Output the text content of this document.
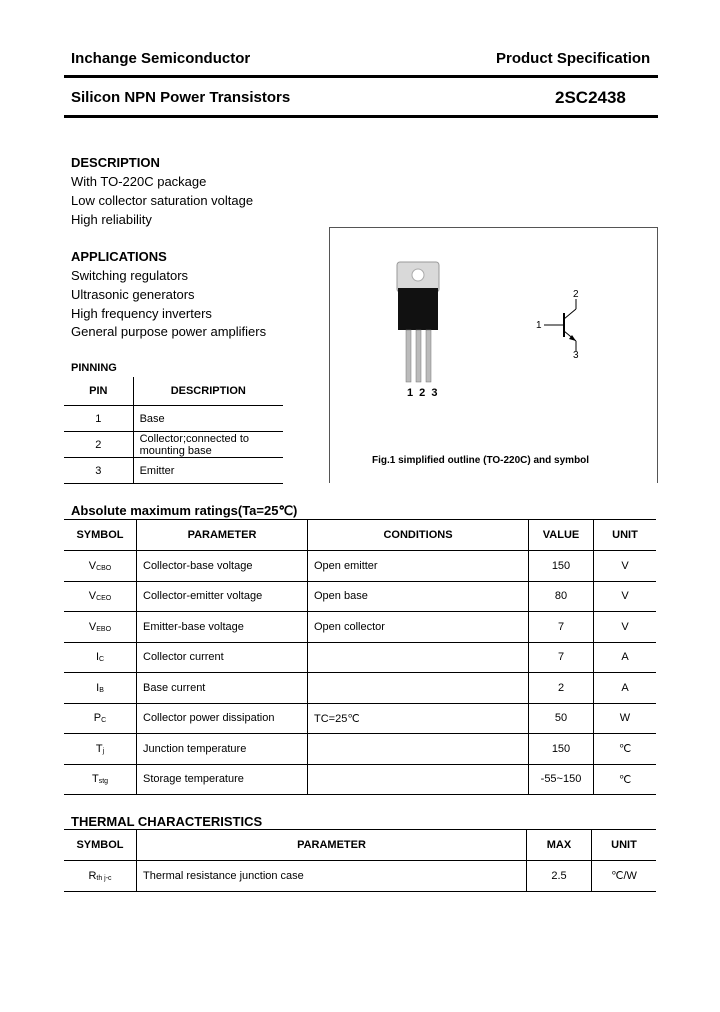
Inchange Semiconductor	Product Specification
Silicon NPN Power Transistors	2SC2438
DESCRIPTION
With TO-220C package
Low collector saturation voltage
High reliability
APPLICATIONS
Switching regulators
Ultrasonic generators
High frequency inverters
General purpose power amplifiers
PINNING
PIN	DESCRIPTION
1	Base
2	Collector;connected to mounting base
3	Emitter
1 2 3
1
2
3
Fig.1 simplified outline (TO-220C) and symbol
Absolute maximum ratings(Ta=25℃)
SYMBOL	PARAMETER	CONDITIONS	VALUE	UNIT
VCBO	Collector-base voltage	Open emitter	150	V
VCEO	Collector-emitter voltage	Open base	80	V
VEBO	Emitter-base voltage	Open collector	7	V
IC	Collector current		7	A
IB	Base current		2	A
PC	Collector power dissipation	TC=25℃	50	W
Tj	Junction temperature		150	℃
Tstg	Storage temperature		-55~150	℃
THERMAL CHARACTERISTICS
SYMBOL	PARAMETER	MAX	UNIT
Rth j-c	Thermal resistance junction case	2.5	℃/W
